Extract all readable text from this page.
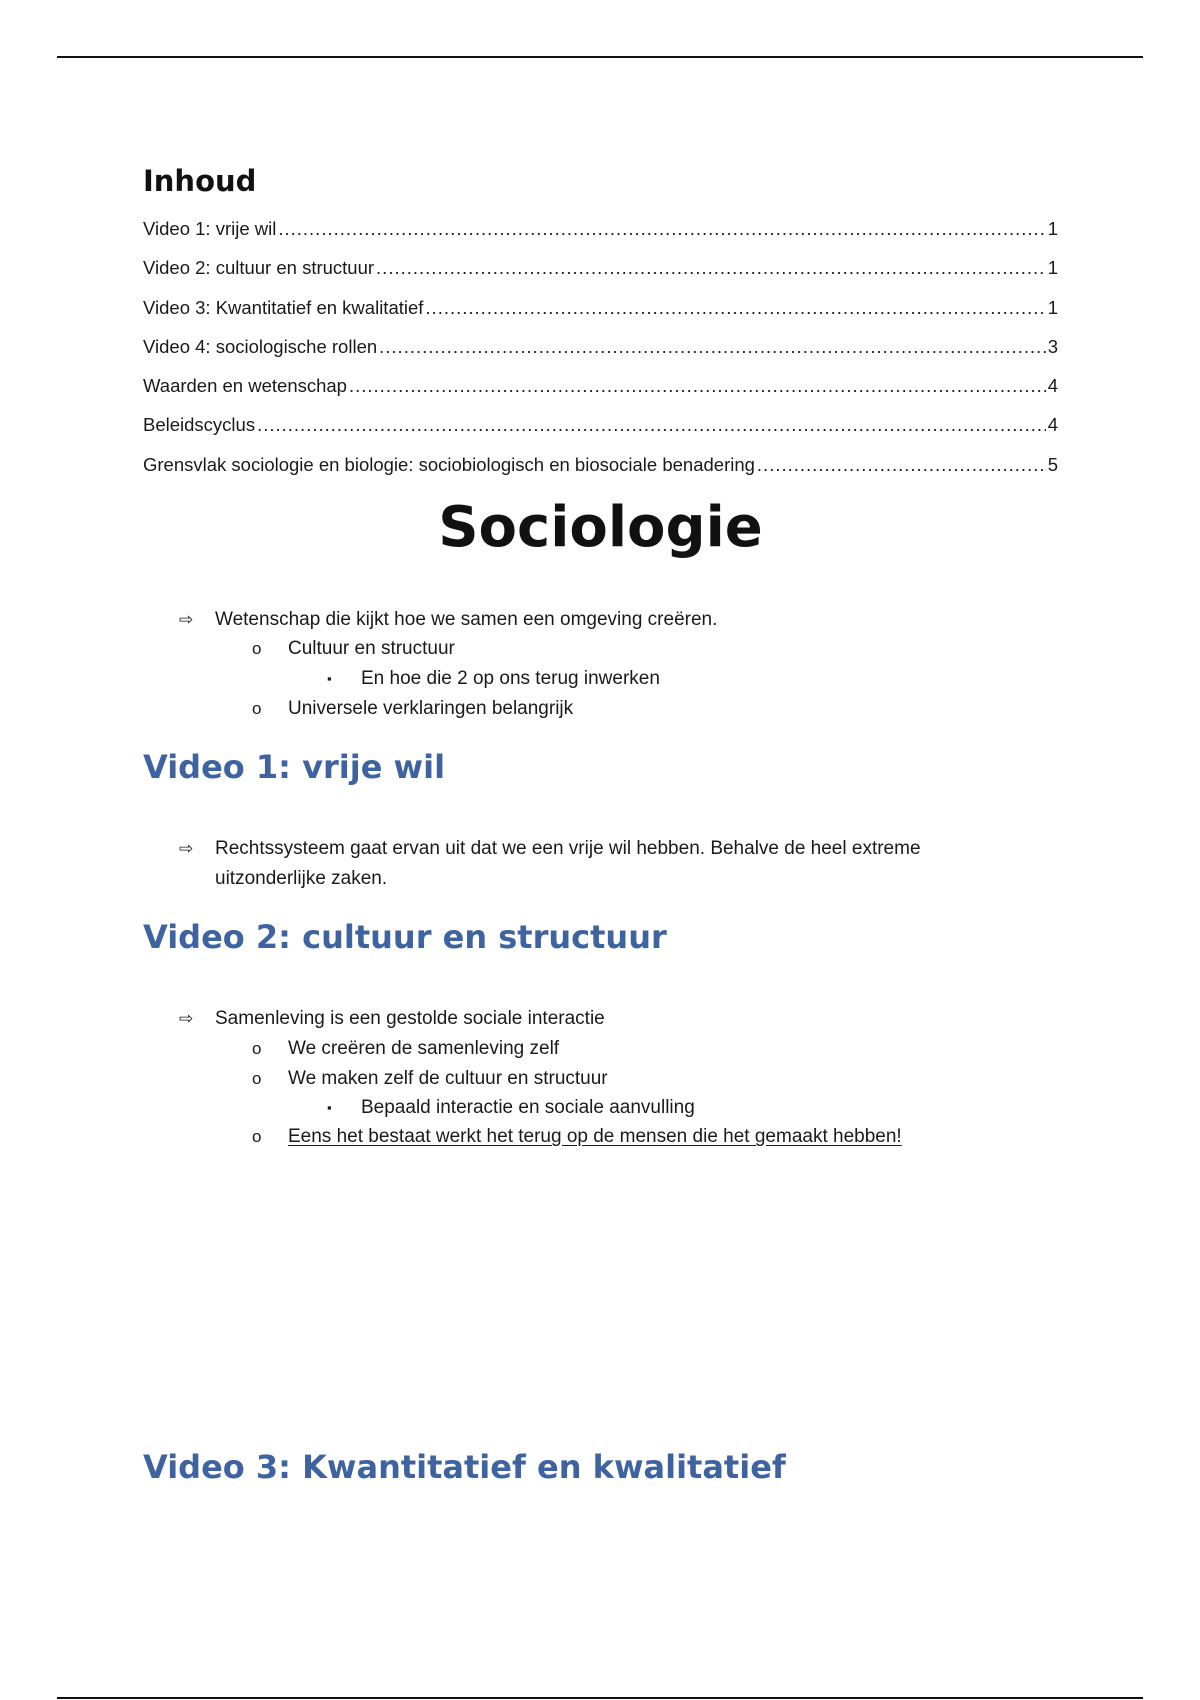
Inhoud
Video 1: vrije wil .....	1
Video 2: cultuur en structuur .....	1
Video 3: Kwantitatief en kwalitatief .....	1
Video 4: sociologische rollen .....	3
Waarden en wetenschap .....	4
Beleidscyclus .....	4
Grensvlak sociologie en biologie: sociobiologisch en biosociale benadering .....	5
Sociologie
⇨ Wetenschap die kijkt hoe we samen een omgeving creëren.
o Cultuur en structuur
▪ En hoe die 2 op ons terug inwerken
o Universele verklaringen belangrijk
Video 1: vrije wil
⇨ Rechtssysteem gaat ervan uit dat we een vrije wil hebben. Behalve de heel extreme
uitzonderlijke zaken.
Video 2: cultuur en structuur
⇨ Samenleving is een gestolde sociale interactie
o We creëren de samenleving zelf
o We maken zelf de cultuur en structuur
▪ Bepaald interactie en sociale aanvulling
o Eens het bestaat werkt het terug op de mensen die het gemaakt hebben!
Video 3: Kwantitatief en kwalitatief
